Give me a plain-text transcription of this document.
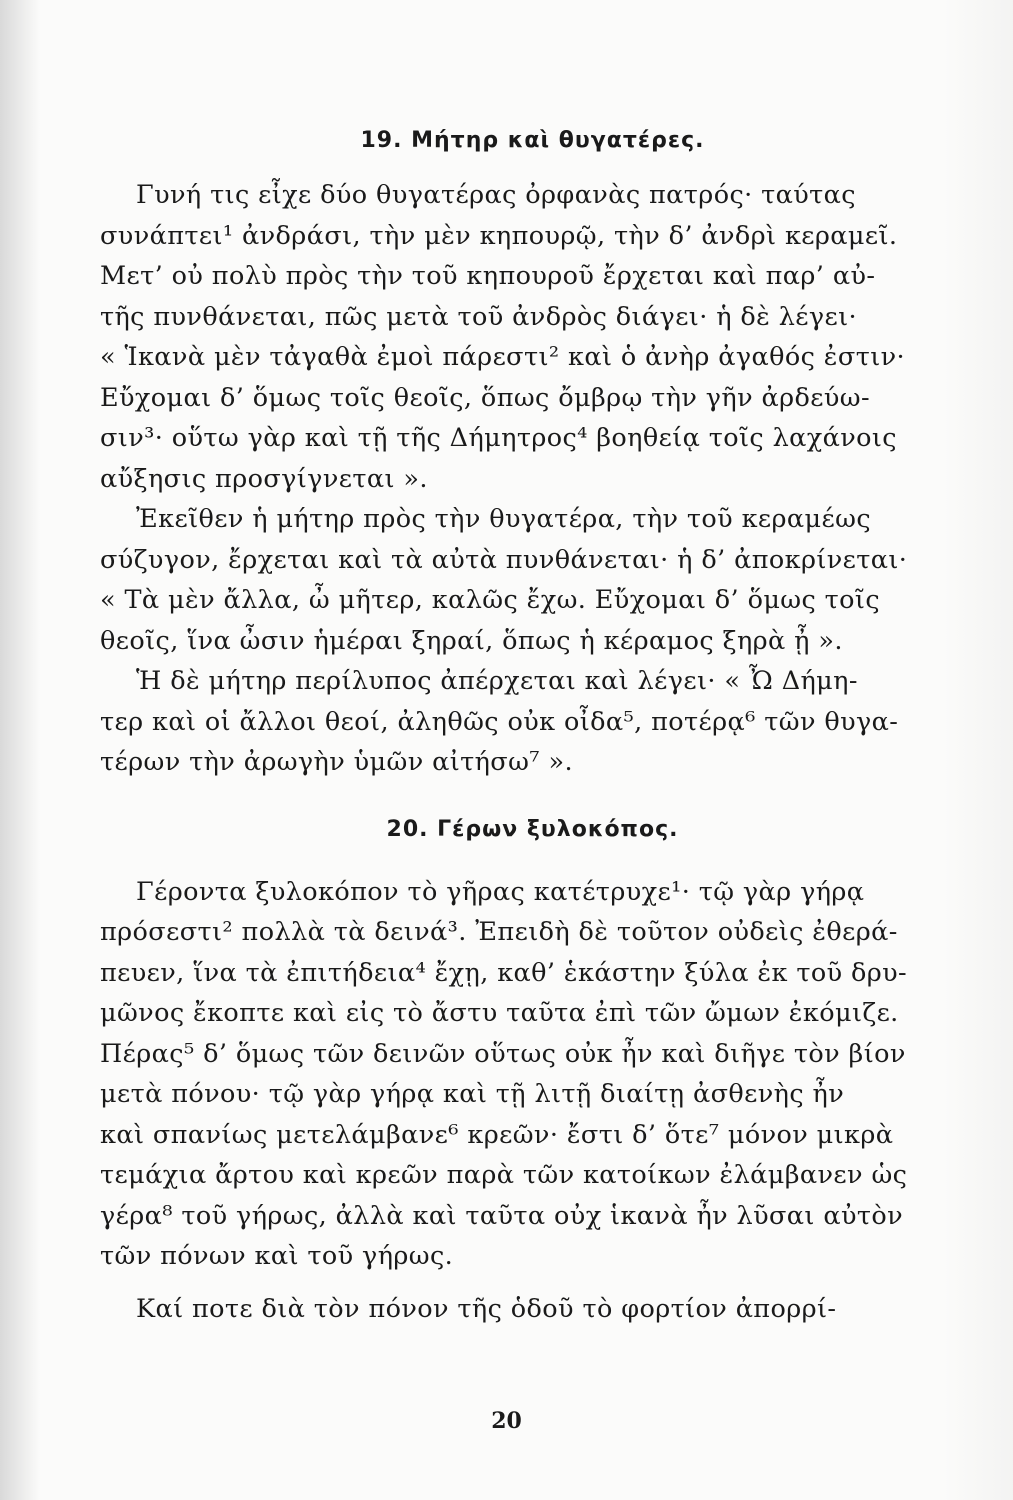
19. Μήτηρ καὶ θυγατέρες.
Γυνή τις εἶχε δύο θυγατέρας ὀρφανὰς πατρός· ταύτας
συνάπτει¹ ἀνδράσι, τὴν μὲν κηπουρῷ, τὴν δ’ ἀνδρὶ κεραμεῖ.
Μετ’ οὐ πολὺ πρὸς τὴν τοῦ κηπουροῦ ἔρχεται καὶ παρ’ αὐ-
τῆς πυνθάνεται, πῶς μετὰ τοῦ ἀνδρὸς διάγει· ἡ δὲ λέγει·
« Ἱκανὰ μὲν τἀγαθὰ ἐμοὶ πάρεστι² καὶ ὁ ἀνὴρ ἀγαθός ἐστιν·
Εὔχομαι δ’ ὅμως τοῖς θεοῖς, ὅπως ὄμβρῳ τὴν γῆν ἀρδεύω-
σιν³· οὕτω γὰρ καὶ τῇ τῆς Δήμητρος⁴ βοηθείᾳ τοῖς λαχάνοις
αὔξησις προσγίγνεται ».
Ἐκεῖθεν ἡ μήτηρ πρὸς τὴν θυγατέρα, τὴν τοῦ κεραμέως
σύζυγον, ἔρχεται καὶ τὰ αὐτὰ πυνθάνεται· ἡ δ’ ἀποκρίνεται·
« Τὰ μὲν ἄλλα, ὦ μῆτερ, καλῶς ἔχω. Εὔχομαι δ’ ὅμως τοῖς
θεοῖς, ἵνα ὦσιν ἡμέραι ξηραί, ὅπως ἡ κέραμος ξηρὰ ᾖ ».
Ἡ δὲ μήτηρ περίλυπος ἀπέρχεται καὶ λέγει· « Ὦ Δήμη-
τερ καὶ οἱ ἄλλοι θεοί, ἀληθῶς οὐκ οἶδα⁵, ποτέρᾳ⁶ τῶν θυγα-
τέρων τὴν ἀρωγὴν ὑμῶν αἰτήσω⁷ ».
20. Γέρων ξυλοκόπος.
Γέροντα ξυλοκόπον τὸ γῆρας κατέτρυχε¹· τῷ γὰρ γήρᾳ
πρόσεστι² πολλὰ τὰ δεινά³. Ἐπειδὴ δὲ τοῦτον οὐδεὶς ἐθερά-
πευεν, ἵνα τὰ ἐπιτήδεια⁴ ἔχῃ, καθ’ ἑκάστην ξύλα ἐκ τοῦ δρυ-
μῶνος ἔκοπτε καὶ εἰς τὸ ἄστυ ταῦτα ἐπὶ τῶν ὤμων ἐκόμιζε.
Πέρας⁵ δ’ ὅμως τῶν δεινῶν οὕτως οὐκ ἦν καὶ διῆγε τὸν βίον
μετὰ πόνου· τῷ γὰρ γήρᾳ καὶ τῇ λιτῇ διαίτῃ ἀσθενὴς ἦν
καὶ σπανίως μετελάμβανε⁶ κρεῶν· ἔστι δ’ ὅτε⁷ μόνον μικρὰ
τεμάχια ἄρτου καὶ κρεῶν παρὰ τῶν κατοίκων ἐλάμβανεν ὡς
γέρα⁸ τοῦ γήρως, ἀλλὰ καὶ ταῦτα οὐχ ἱκανὰ ἦν λῦσαι αὐτὸν
τῶν πόνων καὶ τοῦ γήρως.
Καί ποτε διὰ τὸν πόνον τῆς ὁδοῦ τὸ φορτίον ἀπορρί-
20
